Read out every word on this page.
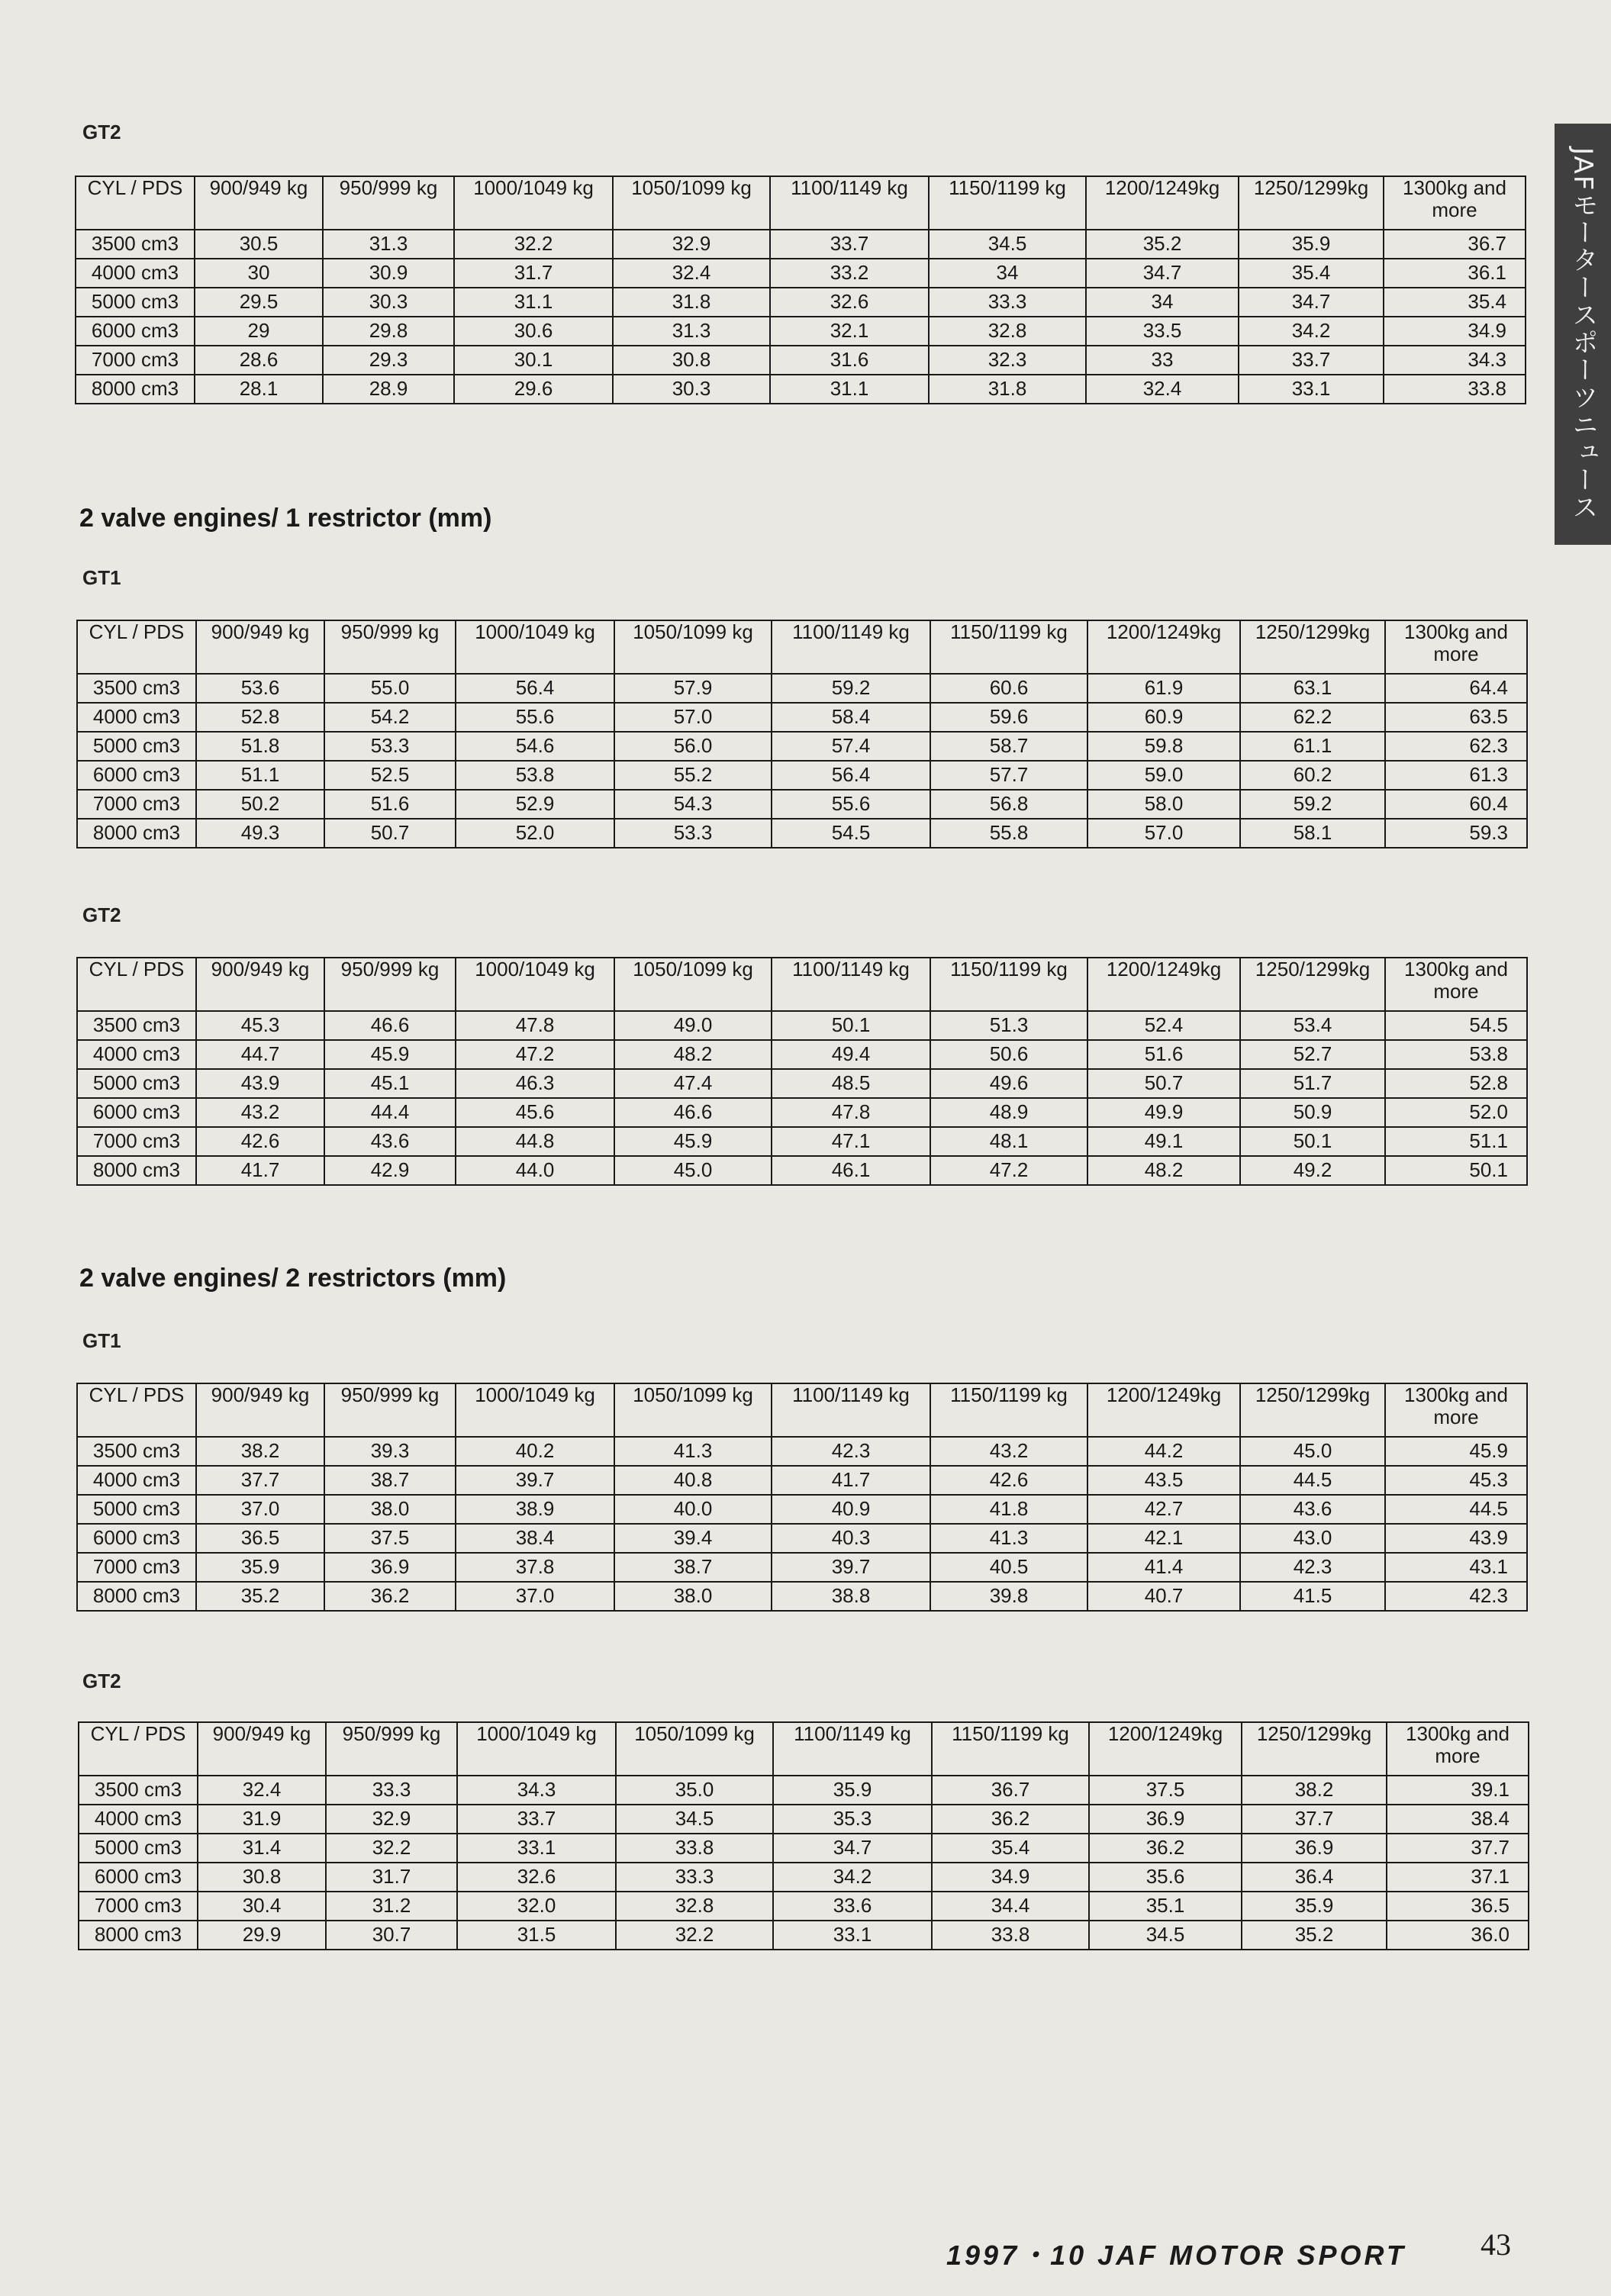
JAFモータースポーツニュース
GT2
CYL / PDS	900/949 kg	950/999 kg	1000/1049 kg	1050/1099 kg	1100/1149 kg	1150/1199 kg	1200/1249kg	1250/1299kg	1300kg and more
3500 cm3	30.5	31.3	32.2	32.9	33.7	34.5	35.2	35.9	36.7
4000 cm3	30	30.9	31.7	32.4	33.2	34	34.7	35.4	36.1
5000 cm3	29.5	30.3	31.1	31.8	32.6	33.3	34	34.7	35.4
6000 cm3	29	29.8	30.6	31.3	32.1	32.8	33.5	34.2	34.9
7000 cm3	28.6	29.3	30.1	30.8	31.6	32.3	33	33.7	34.3
8000 cm3	28.1	28.9	29.6	30.3	31.1	31.8	32.4	33.1	33.8
2 valve engines/ 1 restrictor (mm)
GT1
CYL / PDS	900/949 kg	950/999 kg	1000/1049 kg	1050/1099 kg	1100/1149 kg	1150/1199 kg	1200/1249kg	1250/1299kg	1300kg and more
3500 cm3	53.6	55.0	56.4	57.9	59.2	60.6	61.9	63.1	64.4
4000 cm3	52.8	54.2	55.6	57.0	58.4	59.6	60.9	62.2	63.5
5000 cm3	51.8	53.3	54.6	56.0	57.4	58.7	59.8	61.1	62.3
6000 cm3	51.1	52.5	53.8	55.2	56.4	57.7	59.0	60.2	61.3
7000 cm3	50.2	51.6	52.9	54.3	55.6	56.8	58.0	59.2	60.4
8000 cm3	49.3	50.7	52.0	53.3	54.5	55.8	57.0	58.1	59.3
GT2
CYL / PDS	900/949 kg	950/999 kg	1000/1049 kg	1050/1099 kg	1100/1149 kg	1150/1199 kg	1200/1249kg	1250/1299kg	1300kg and more
3500 cm3	45.3	46.6	47.8	49.0	50.1	51.3	52.4	53.4	54.5
4000 cm3	44.7	45.9	47.2	48.2	49.4	50.6	51.6	52.7	53.8
5000 cm3	43.9	45.1	46.3	47.4	48.5	49.6	50.7	51.7	52.8
6000 cm3	43.2	44.4	45.6	46.6	47.8	48.9	49.9	50.9	52.0
7000 cm3	42.6	43.6	44.8	45.9	47.1	48.1	49.1	50.1	51.1
8000 cm3	41.7	42.9	44.0	45.0	46.1	47.2	48.2	49.2	50.1
2 valve engines/ 2 restrictors (mm)
GT1
CYL / PDS	900/949 kg	950/999 kg	1000/1049 kg	1050/1099 kg	1100/1149 kg	1150/1199 kg	1200/1249kg	1250/1299kg	1300kg and more
3500 cm3	38.2	39.3	40.2	41.3	42.3	43.2	44.2	45.0	45.9
4000 cm3	37.7	38.7	39.7	40.8	41.7	42.6	43.5	44.5	45.3
5000 cm3	37.0	38.0	38.9	40.0	40.9	41.8	42.7	43.6	44.5
6000 cm3	36.5	37.5	38.4	39.4	40.3	41.3	42.1	43.0	43.9
7000 cm3	35.9	36.9	37.8	38.7	39.7	40.5	41.4	42.3	43.1
8000 cm3	35.2	36.2	37.0	38.0	38.8	39.8	40.7	41.5	42.3
GT2
CYL / PDS	900/949 kg	950/999 kg	1000/1049 kg	1050/1099 kg	1100/1149 kg	1150/1199 kg	1200/1249kg	1250/1299kg	1300kg and more
3500 cm3	32.4	33.3	34.3	35.0	35.9	36.7	37.5	38.2	39.1
4000 cm3	31.9	32.9	33.7	34.5	35.3	36.2	36.9	37.7	38.4
5000 cm3	31.4	32.2	33.1	33.8	34.7	35.4	36.2	36.9	37.7
6000 cm3	30.8	31.7	32.6	33.3	34.2	34.9	35.6	36.4	37.1
7000 cm3	30.4	31.2	32.0	32.8	33.6	34.4	35.1	35.9	36.5
8000 cm3	29.9	30.7	31.5	32.2	33.1	33.8	34.5	35.2	36.0
1997・10 JAF MOTOR SPORT 43
